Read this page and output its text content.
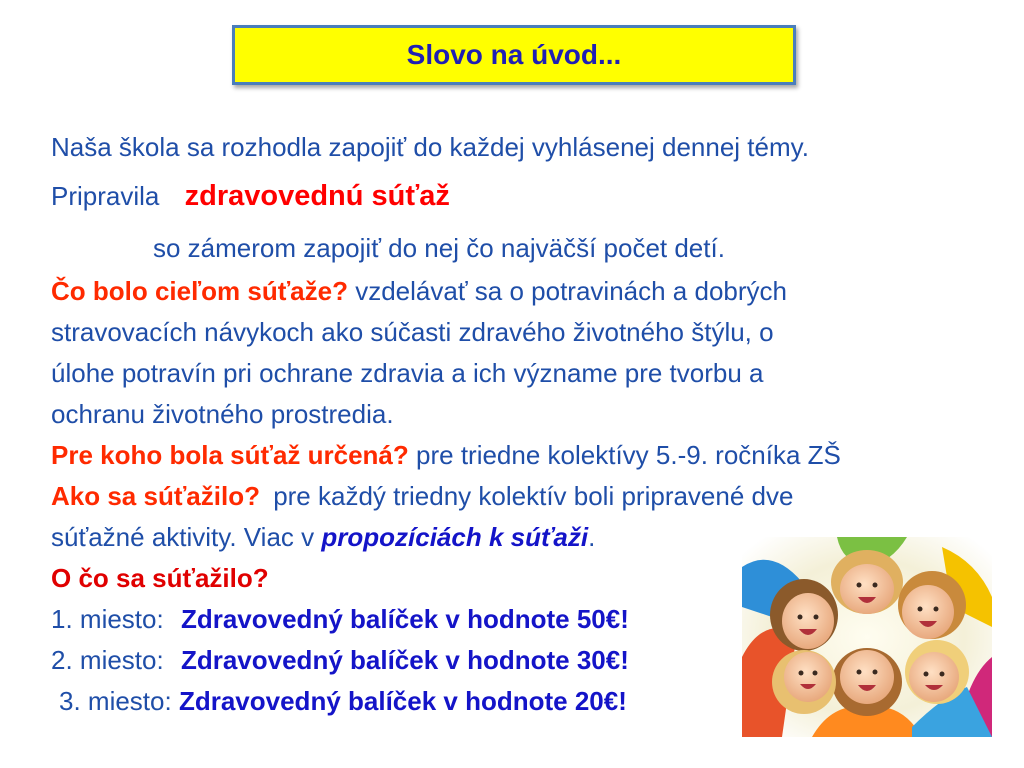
Slovo na úvod...
Naša škola sa rozhodla zapojiť do každej vyhlásenej dennej témy.
Pripravila zdravovednú súťaž
so zámerom zapojiť do nej čo najväčší počet detí.
Čo bolo cieľom súťaže? vzdelávať sa o potravinách a dobrých
stravovacích návykoch ako súčasti zdravého životného štýlu, o
úlohe potravín pri ochrane zdravia a ich význame pre tvorbu a
ochranu životného prostredia.
Pre koho bola súťaž určená? pre triedne kolektívy 5.-9. ročníka ZŠ
Ako sa súťažilo? pre každý triedny kolektív boli pripravené dve
súťažné aktivity. Viac v propozíciách k súťaži.
O čo sa súťažilo?
1. miesto: Zdravovedný balíček v hodnote 50€!
2. miesto: Zdravovedný balíček v hodnote 30€!
3. miesto: Zdravovedný balíček v hodnote 20€!
